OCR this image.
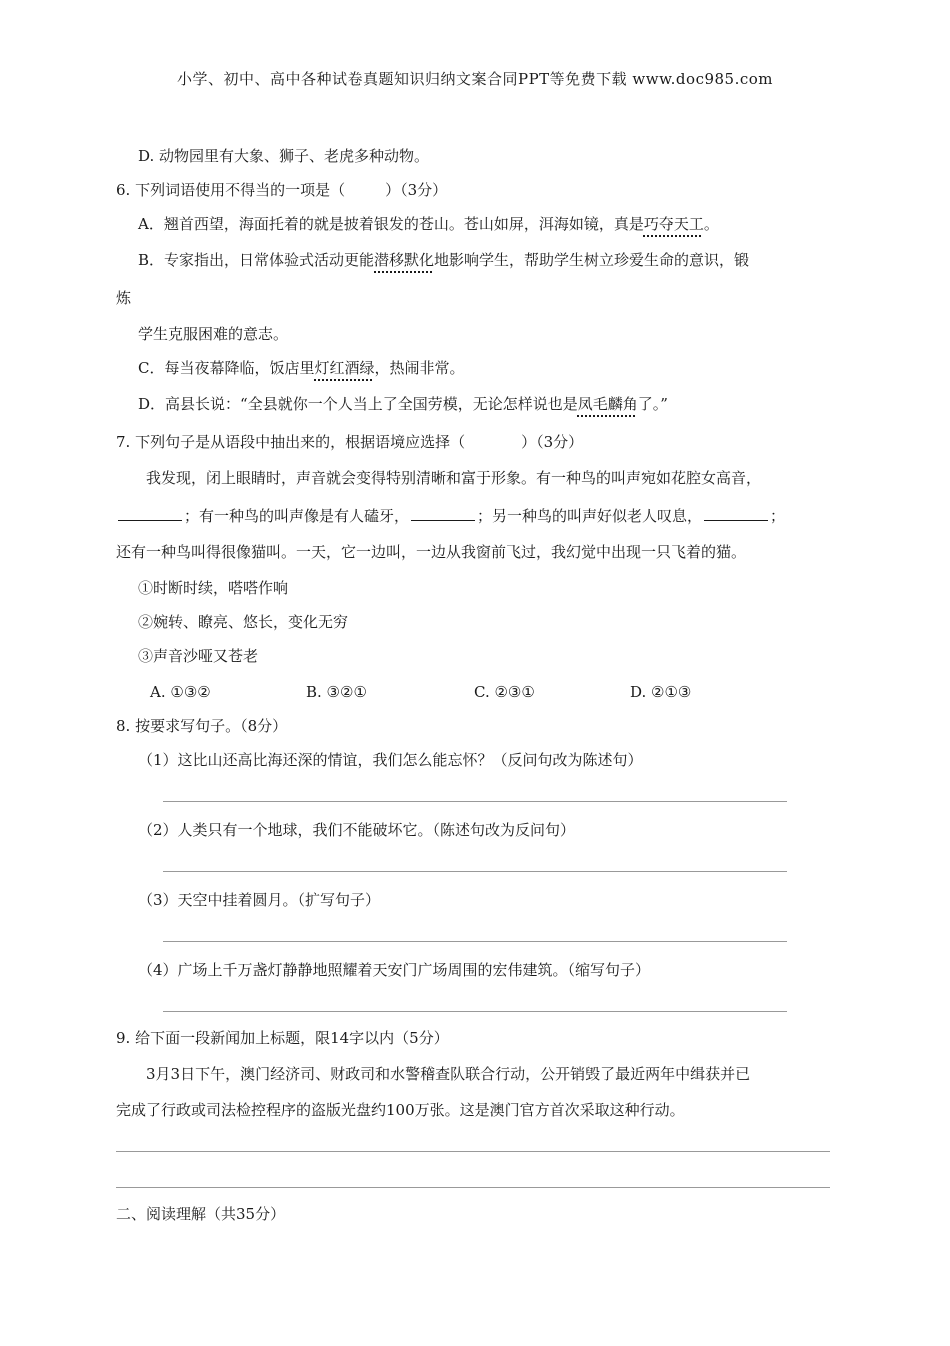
小学、初中、高中各种试卷真题知识归纳文案合同PPT等免费下载 www.doc985.com
D. 动物园里有大象、狮子、老虎多种动物。
6. 下列词语使用不得当的一项是（	）（3分）
A．翘首西望，海面托着的就是披着银发的苍山。苍山如屏，洱海如镜，真是巧夺天工。
B．专家指出，日常体验式活动更能潜移默化地影响学生，帮助学生树立珍爱生命的意识，锻
炼
学生克服困难的意志。
C．每当夜幕降临，饭店里灯红酒绿，热闹非常。
D．高县长说：“全县就你一个人当上了全国劳模，无论怎样说也是凤毛麟角了。”
7. 下列句子是从语段中抽出来的，根据语境应选择（	）（3分）
我发现，闭上眼睛时，声音就会变得特别清晰和富于形象。有一种鸟的叫声宛如花腔女高音，
；有一种鸟的叫声像是有人磕牙，	；另一种鸟的叫声好似老人叹息，	；
还有一种鸟叫得很像猫叫。一天，它一边叫，一边从我窗前飞过，我幻觉中出现一只飞着的猫。
①时断时续，嗒嗒作响
②婉转、瞭亮、悠长，变化无穷
③声音沙哑又苍老
A. ①③②	B. ③②①	C. ②③①	D. ②①③
8. 按要求写句子。（8分）
（1）这比山还高比海还深的情谊，我们怎么能忘怀？（反问句改为陈述句）
（2）人类只有一个地球，我们不能破坏它。（陈述句改为反问句）
（3）天空中挂着圆月。（扩写句子）
（4）广场上千万盏灯静静地照耀着天安门广场周围的宏伟建筑。（缩写句子）
9. 给下面一段新闻加上标题，限14字以内（5分）
3月3日下午，澳门经济司、财政司和水警稽查队联合行动，公开销毁了最近两年中缉获并已
完成了行政或司法检控程序的盗版光盘约100万张。这是澳门官方首次采取这种行动。
二、阅读理解（共35分）
